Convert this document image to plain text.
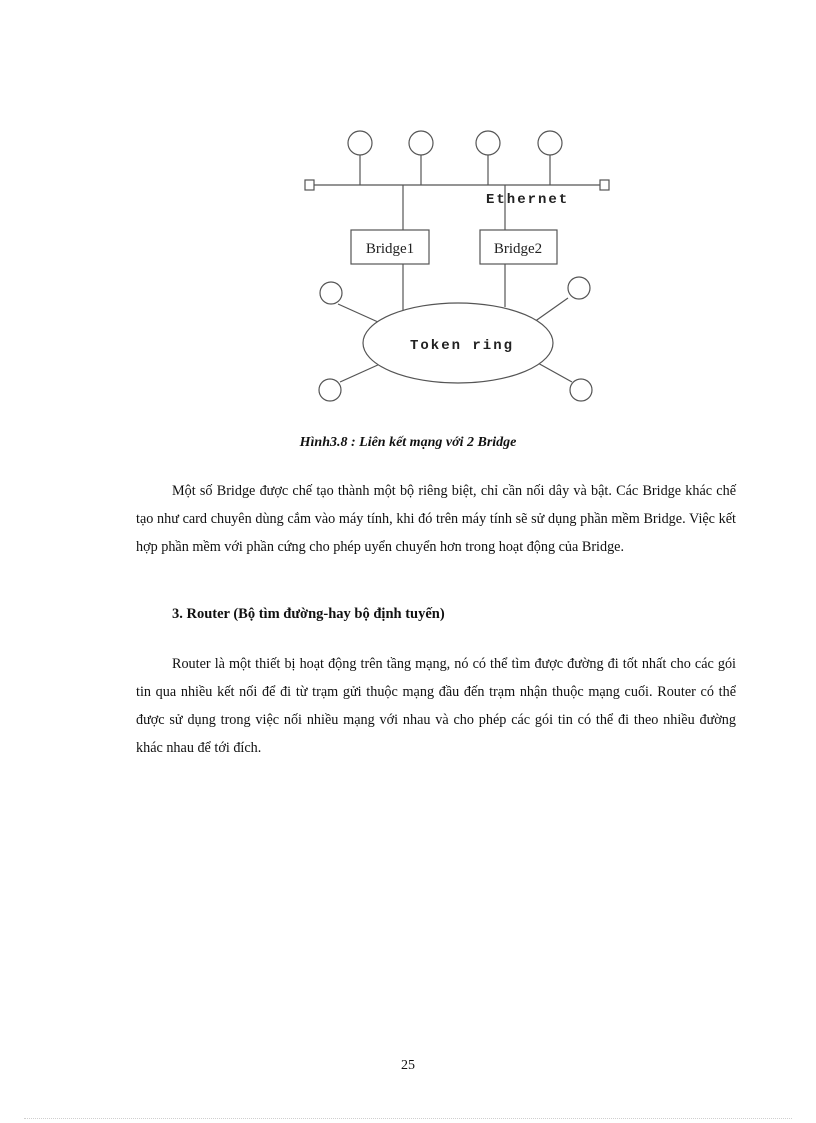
Ethernet
Bridge1	Bridge2
Token ring
Hình3.8 : Liên kết mạng với 2 Bridge

Một số Bridge được chế tạo thành một bộ riêng biệt, chỉ cần nối dây và bật. Các Bridge khác chế tạo như card chuyên dùng cắm vào máy tính, khi đó trên máy tính sẽ sử dụng phần mềm Bridge. Việc kết hợp phần mềm với phần cứng cho phép uyển chuyển hơn trong hoạt động của Bridge.

3. Router (Bộ tìm đường-hay bộ định tuyến)

Router là một thiết bị hoạt động trên tầng mạng, nó có thể tìm được đường đi tốt nhất cho các gói tin qua nhiều kết nối để đi từ trạm gửi thuộc mạng đầu đến trạm nhận thuộc mạng cuối. Router có thể được sử dụng trong việc nối nhiều mạng với nhau và cho phép các gói tin có thể đi theo nhiều đường khác nhau để tới đích.

25
